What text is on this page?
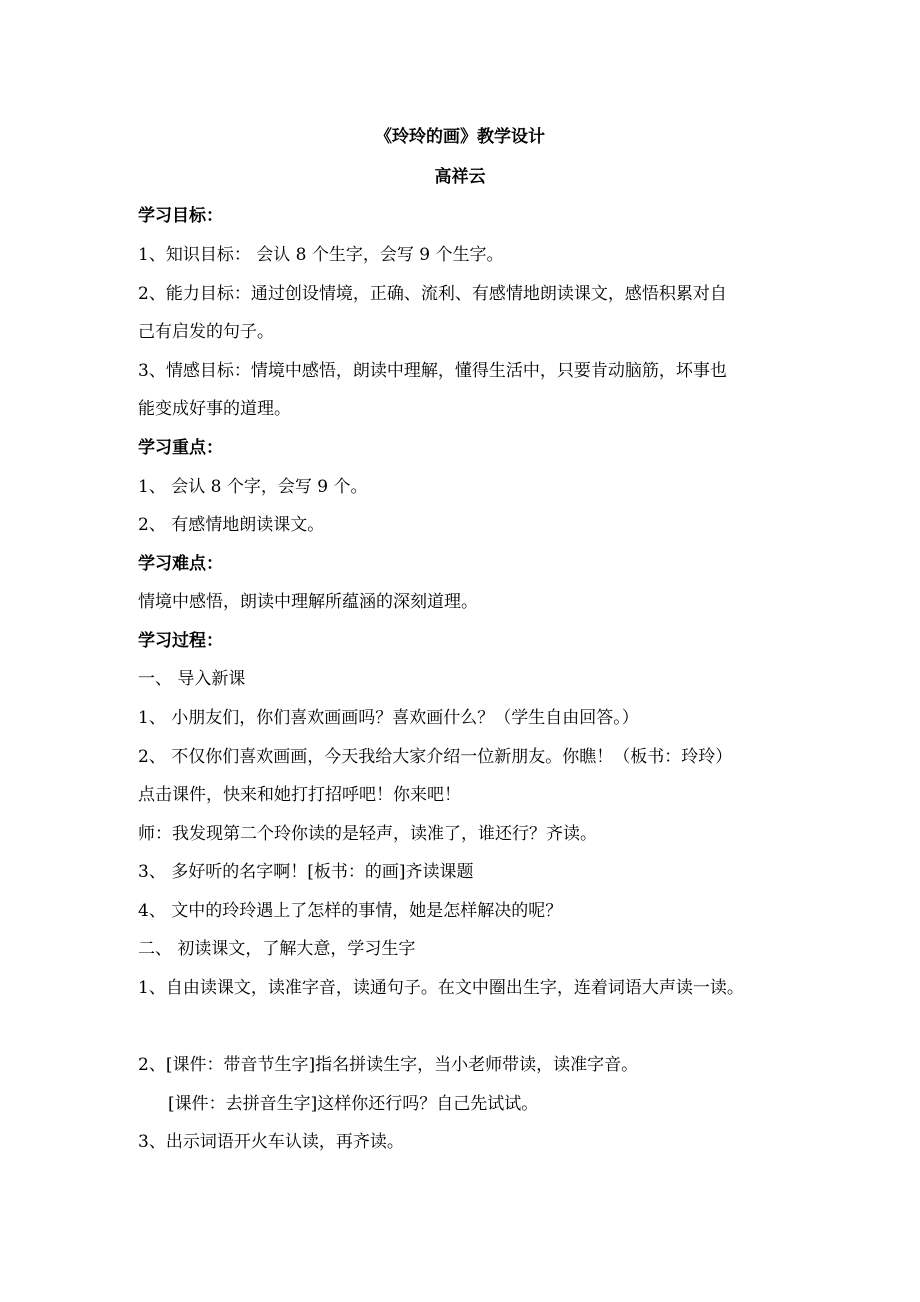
《玲玲的画》教学设计
高祥云
学习目标：
1、知识目标： 会认 8 个生字，会写 9 个生字。
2、能力目标：通过创设情境，正确、流利、有感情地朗读课文，感悟积累对自
己有启发的句子。
3、情感目标：情境中感悟，朗读中理解，懂得生活中，只要肯动脑筋，坏事也
能变成好事的道理。
学习重点：
1、 会认 8 个字，会写 9 个。
2、 有感情地朗读课文。
学习难点：
情境中感悟，朗读中理解所蕴涵的深刻道理。
学习过程：
一、 导入新课
1、 小朋友们，你们喜欢画画吗？喜欢画什么？（学生自由回答。）
2、 不仅你们喜欢画画，今天我给大家介绍一位新朋友。你瞧！（板书：玲玲）
点击课件，快来和她打打招呼吧！你来吧！
师：我发现第二个玲你读的是轻声，读准了，谁还行？齐读。
3、 多好听的名字啊！[板书：的画]齐读课题
4、 文中的玲玲遇上了怎样的事情，她是怎样解决的呢？
二、 初读课文，了解大意，学习生字
1、自由读课文，读准字音，读通句子。在文中圈出生字，连着词语大声读一读。
2、[课件：带音节生字]指名拼读生字，当小老师带读，读准字音。
[课件：去拼音生字]这样你还行吗？自己先试试。
3、出示词语开火车认读，再齐读。
